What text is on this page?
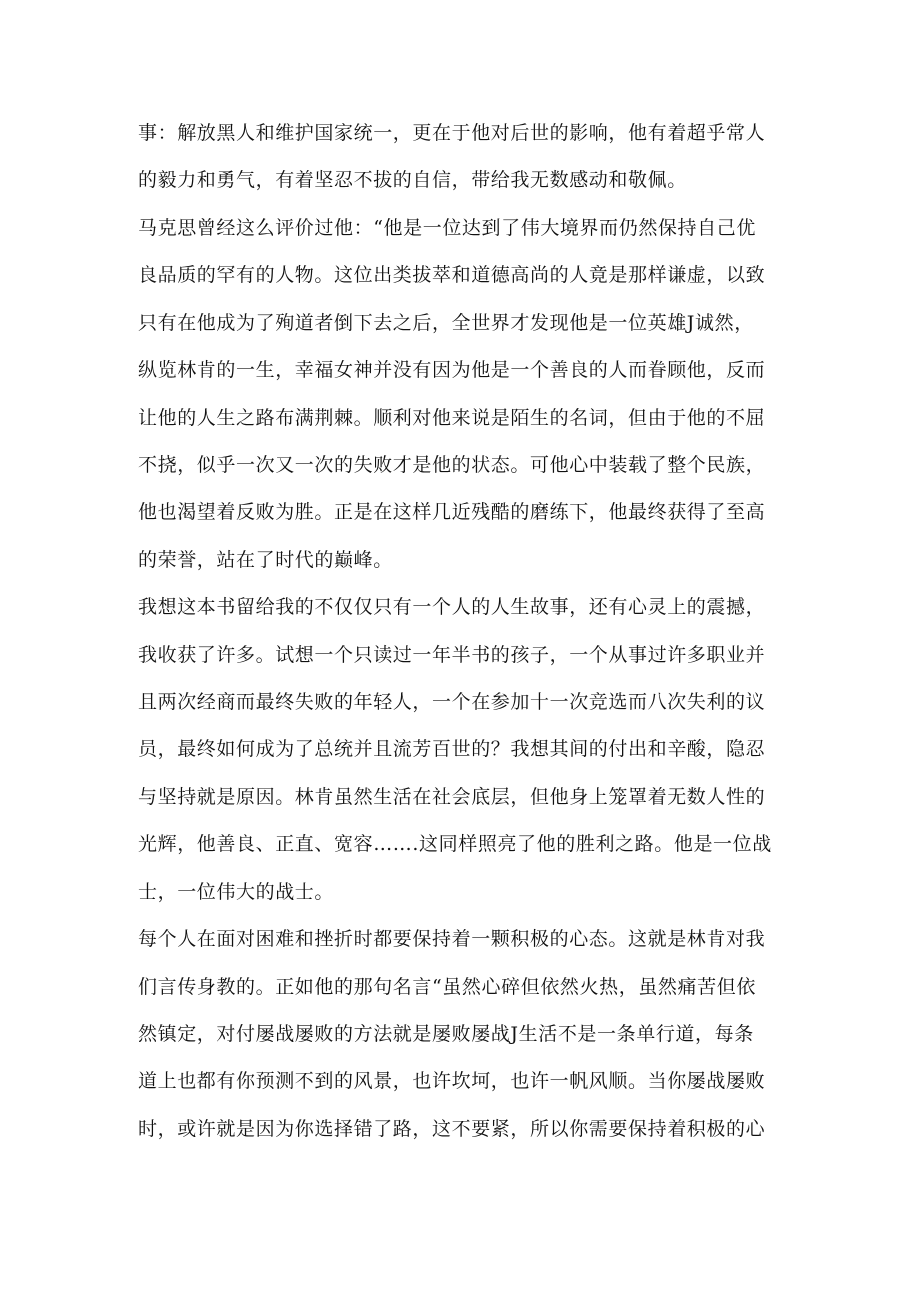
事：解放黑人和维护国家统一，更在于他对后世的影响，他有着超乎常人
的毅力和勇气，有着坚忍不拔的自信，带给我无数感动和敬佩。
马克思曾经这么评价过他：“他是一位达到了伟大境界而仍然保持自己优
良品质的罕有的人物。这位出类拔萃和道德高尚的人竟是那样谦虚，以致
只有在他成为了殉道者倒下去之后，全世界才发现他是一位英雄J诚然，
纵览林肯的一生，幸福女神并没有因为他是一个善良的人而眷顾他，反而
让他的人生之路布满荆棘。顺利对他来说是陌生的名词，但由于他的不屈
不挠，似乎一次又一次的失败才是他的状态。可他心中装载了整个民族，
他也渴望着反败为胜。正是在这样几近残酷的磨练下，他最终获得了至高
的荣誉，站在了时代的巅峰。
我想这本书留给我的不仅仅只有一个人的人生故事，还有心灵上的震撼，
我收获了许多。试想一个只读过一年半书的孩子，一个从事过许多职业并
且两次经商而最终失败的年轻人，一个在参加十一次竞选而八次失利的议
员，最终如何成为了总统并且流芳百世的？我想其间的付出和辛酸，隐忍
与坚持就是原因。林肯虽然生活在社会底层，但他身上笼罩着无数人性的
光辉，他善良、正直、宽容…….这同样照亮了他的胜利之路。他是一位战
士，一位伟大的战士。
每个人在面对困难和挫折时都要保持着一颗积极的心态。这就是林肯对我
们言传身教的。正如他的那句名言“虽然心碎但依然火热，虽然痛苦但依
然镇定，对付屡战屡败的方法就是屡败屡战J生活不是一条单行道，每条
道上也都有你预测不到的风景，也许坎坷，也许一帆风顺。当你屡战屡败
时，或许就是因为你选择错了路，这不要紧，所以你需要保持着积极的心
